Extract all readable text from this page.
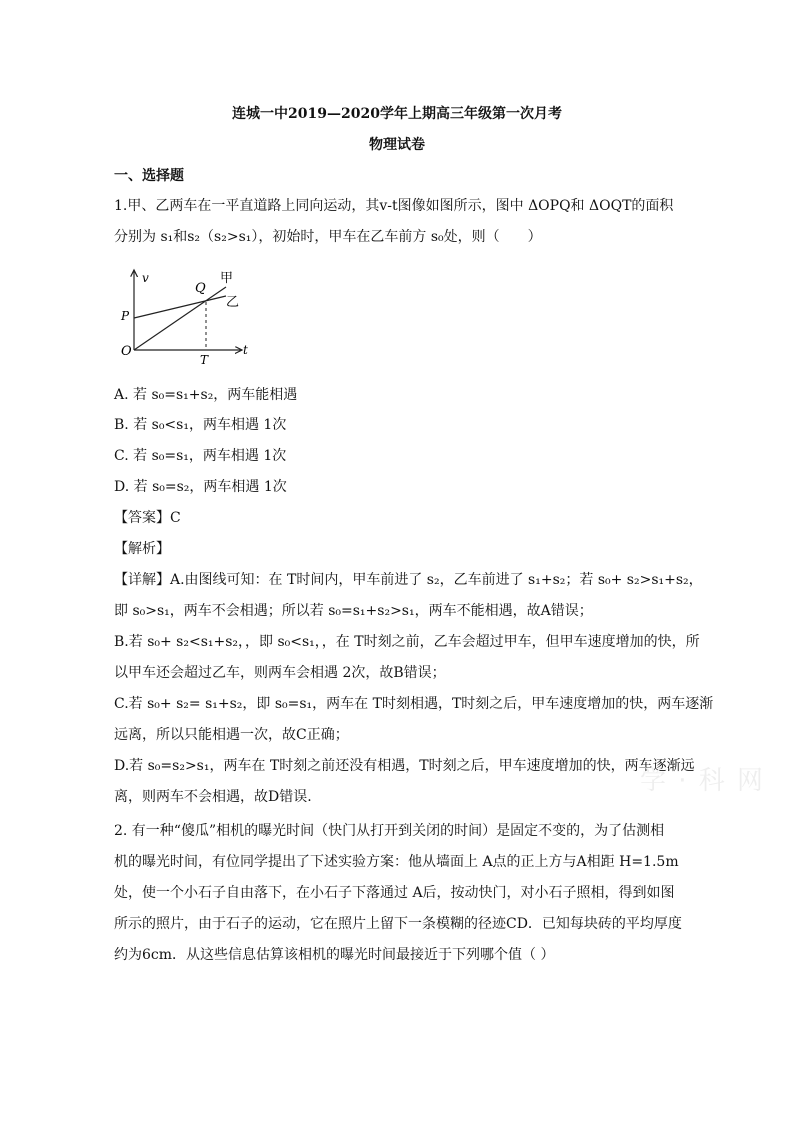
连城一中2019—2020学年上期高三年级第一次月考
物理试卷
一、选择题
1.甲、乙两车在一平直道路上同向运动，其v-t图像如图所示，图中 ΔOPQ和 ΔOQT的面积
分别为 s₁和s₂（s₂>s₁），初始时，甲车在乙车前方 s₀处，则（　　）
v
t
O
P
Q
T
甲
乙
A. 若 s₀=s₁+s₂，两车能相遇
B. 若 s₀<s₁，两车相遇 1次
C. 若 s₀=s₁，两车相遇 1次
D. 若 s₀=s₂，两车相遇 1次
【答案】C
【解析】
【详解】A.由图线可知：在 T时间内，甲车前进了 s₂，乙车前进了 s₁+s₂；若 s₀+ s₂>s₁+s₂，
即 s₀>s₁，两车不会相遇；所以若 s₀=s₁+s₂>s₁，两车不能相遇，故A错误；
B.若 s₀+ s₂<s₁+s₂，，即 s₀<s₁，，在 T时刻之前，乙车会超过甲车，但甲车速度增加的快，所
以甲车还会超过乙车，则两车会相遇 2次，故B错误；
C.若 s₀+ s₂= s₁+s₂，即 s₀=s₁，两车在 T时刻相遇，T时刻之后，甲车速度增加的快，两车逐渐
远离，所以只能相遇一次，故C正确；
D.若 s₀=s₂>s₁，两车在 T时刻之前还没有相遇，T时刻之后，甲车速度增加的快，两车逐渐远
离，则两车不会相遇，故D错误.
2. 有一种“傻瓜”相机的曝光时间（快门从打开到关闭的时间）是固定不变的，为了估测相
机的曝光时间，有位同学提出了下述实验方案：他从墙面上 A点的正上方与A相距 H=1.5m
处，使一个小石子自由落下，在小石子下落通过 A后，按动快门，对小石子照相，得到如图
所示的照片，由于石子的运动，它在照片上留下一条模糊的径迹CD．已知每块砖的平均厚度
约为6cm．从这些信息估算该相机的曝光时间最接近于下列哪个值（ ）
学 · 科 网
